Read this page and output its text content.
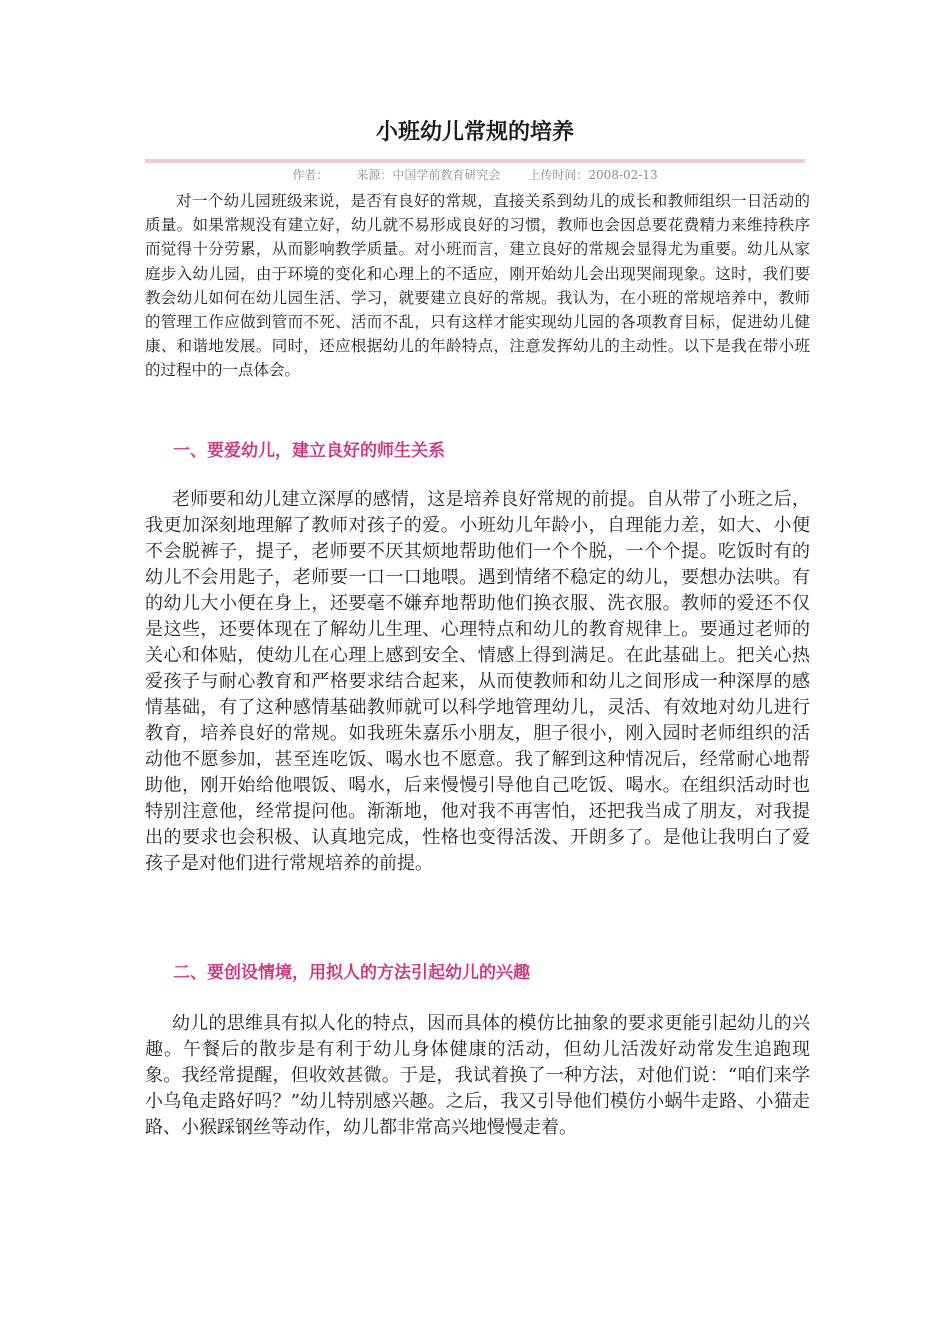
小班幼儿常规的培养
作者： 来源：中国学前教育研究会 上传时间：2008-02-13

对一个幼儿园班级来说，是否有良好的常规，直接关系到幼儿的成长和教师组织一日活动的质量。如果常规没有建立好，幼儿就不易形成良好的习惯，教师也会因总要花费精力来维持秩序而觉得十分劳累，从而影响教学质量。对小班而言，建立良好的常规会显得尤为重要。幼儿从家庭步入幼儿园，由于环境的变化和心理上的不适应，刚开始幼儿会出现哭闹现象。这时，我们要教会幼儿如何在幼儿园生活、学习，就要建立良好的常规。我认为，在小班的常规培养中，教师的管理工作应做到管而不死、活而不乱，只有这样才能实现幼儿园的各项教育目标，促进幼儿健康、和谐地发展。同时，还应根据幼儿的年龄特点，注意发挥幼儿的主动性。以下是我在带小班的过程中的一点体会。

一、要爱幼儿，建立良好的师生关系

老师要和幼儿建立深厚的感情，这是培养良好常规的前提。自从带了小班之后，我更加深刻地理解了教师对孩子的爱。小班幼儿年龄小，自理能力差，如大、小便不会脱裤子，提子，老师要不厌其烦地帮助他们一个个脱，一个个提。吃饭时有的幼儿不会用匙子，老师要一口一口地喂。遇到情绪不稳定的幼儿，要想办法哄。有的幼儿大小便在身上，还要毫不嫌弃地帮助他们换衣服、洗衣服。教师的爱还不仅是这些，还要体现在了解幼儿生理、心理特点和幼儿的教育规律上。要通过老师的关心和体贴，使幼儿在心理上感到安全、情感上得到满足。在此基础上。把关心热爱孩子与耐心教育和严格要求结合起来，从而使教师和幼儿之间形成一种深厚的感情基础，有了这种感情基础教师就可以科学地管理幼儿，灵活、有效地对幼儿进行教育，培养良好的常规。如我班朱嘉乐小朋友，胆子很小，刚入园时老师组织的活动他不愿参加，甚至连吃饭、喝水也不愿意。我了解到这种情况后，经常耐心地帮助他，刚开始给他喂饭、喝水，后来慢慢引导他自己吃饭、喝水。在组织活动时也特别注意他，经常提问他。渐渐地，他对我不再害怕，还把我当成了朋友，对我提出的要求也会积极、认真地完成，性格也变得活泼、开朗多了。是他让我明白了爱孩子是对他们进行常规培养的前提。

二、要创设情境，用拟人的方法引起幼儿的兴趣

幼儿的思维具有拟人化的特点，因而具体的模仿比抽象的要求更能引起幼儿的兴趣。午餐后的散步是有利于幼儿身体健康的活动，但幼儿活泼好动常发生追跑现象。我经常提醒，但收效甚微。于是，我试着换了一种方法，对他们说：“咱们来学小乌龟走路好吗？”幼儿特别感兴趣。之后，我又引导他们模仿小蜗牛走路、小猫走路、小猴踩钢丝等动作，幼儿都非常高兴地慢慢走着。
